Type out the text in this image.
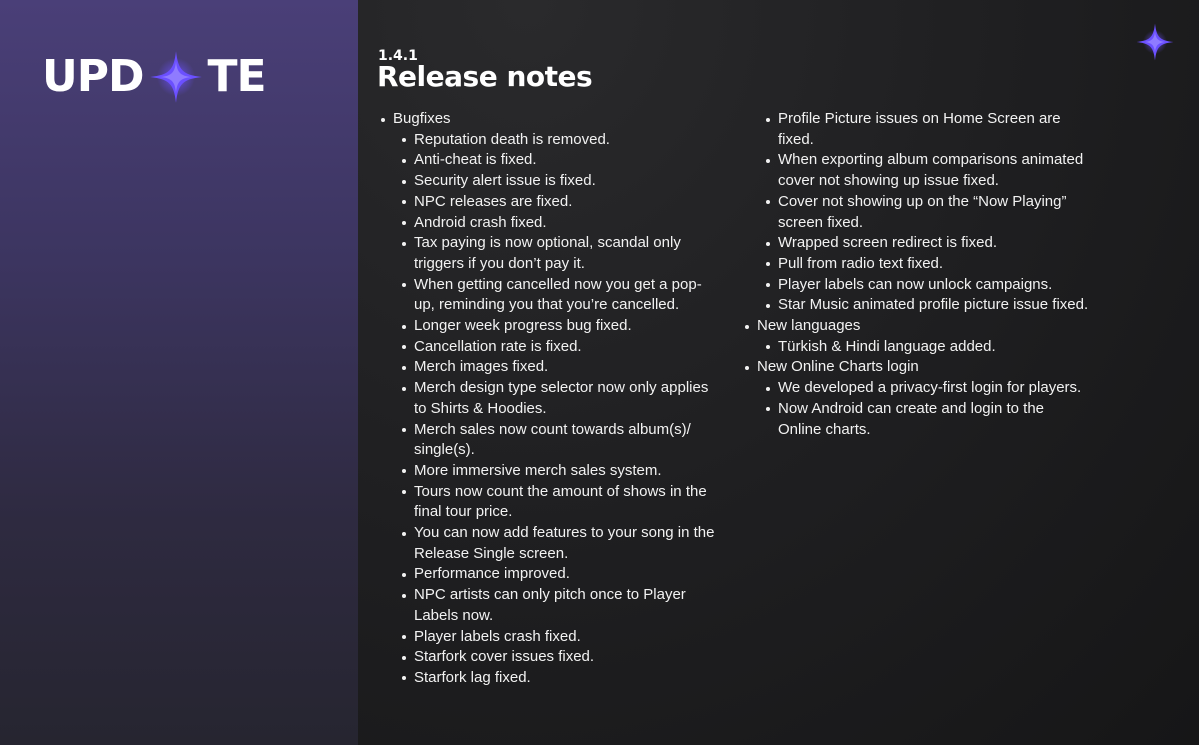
UPD TE	1.4.1
Release notes
Bugfixes
Reputation death is removed.
Anti-cheat is fixed.
Security alert issue is fixed.
NPC releases are fixed.
Android crash fixed.
Tax paying is now optional, scandal only triggers if you don’t pay it.
When getting cancelled now you get a pop-up, reminding you that you’re cancelled.
Longer week progress bug fixed.
Cancellation rate is fixed.
Merch images fixed.
Merch design type selector now only applies to Shirts & Hoodies.
Merch sales now count towards album(s)/ single(s).
More immersive merch sales system.
Tours now count the amount of shows in the final tour price.
You can now add features to your song in the Release Single screen.
Performance improved.
NPC artists can only pitch once to Player Labels now.
Player labels crash fixed.
Starfork cover issues fixed.
Starfork lag fixed.
Profile Picture issues on Home Screen are fixed.
When exporting album comparisons animated cover not showing up issue fixed.
Cover not showing up on the “Now Playing” screen fixed.
Wrapped screen redirect is fixed.
Pull from radio text fixed.
Player labels can now unlock campaigns.
Star Music animated profile picture issue fixed.
New languages
Türkish & Hindi language added.
New Online Charts login
We developed a privacy-first login for players.
Now Android can create and login to the Online charts.
